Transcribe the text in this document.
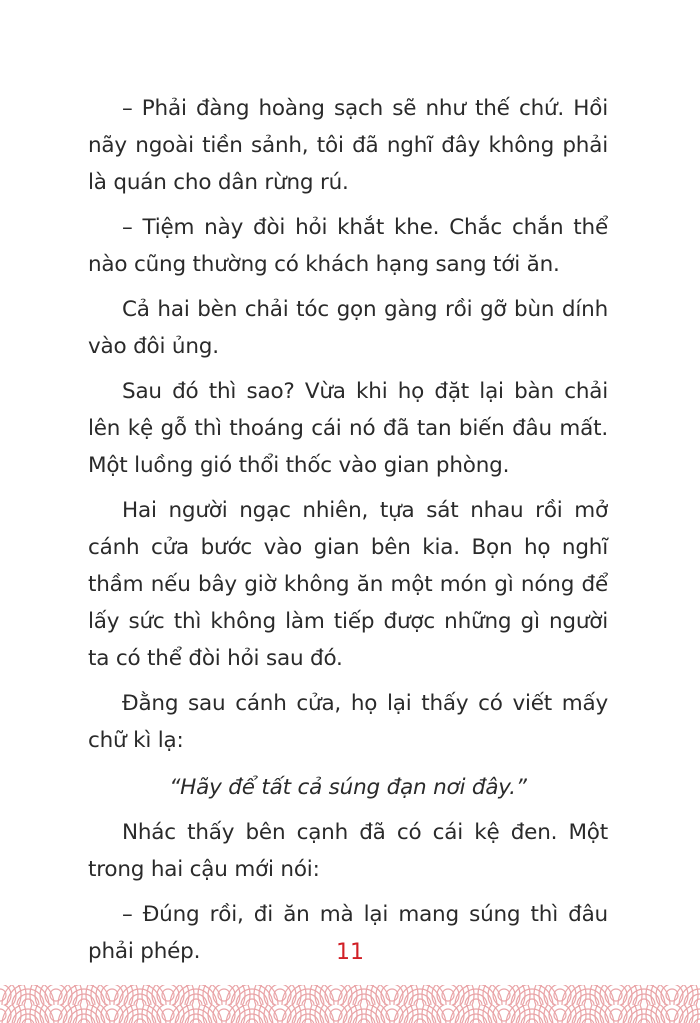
– Phải đàng hoàng sạch sẽ như thế chứ. Hồi nãy ngoài tiền sảnh, tôi đã nghĩ đây không phải là quán cho dân rừng rú.

– Tiệm này đòi hỏi khắt khe. Chắc chắn thể nào cũng thường có khách hạng sang tới ăn.

Cả hai bèn chải tóc gọn gàng rồi gỡ bùn dính vào đôi ủng.

Sau đó thì sao? Vừa khi họ đặt lại bàn chải lên kệ gỗ thì thoáng cái nó đã tan biến đâu mất. Một luồng gió thổi thốc vào gian phòng.

Hai người ngạc nhiên, tựa sát nhau rồi mở cánh cửa bước vào gian bên kia. Bọn họ nghĩ thầm nếu bây giờ không ăn một món gì nóng để lấy sức thì không làm tiếp được những gì người ta có thể đòi hỏi sau đó.

Đằng sau cánh cửa, họ lại thấy có viết mấy chữ kì lạ:

“Hãy để tất cả súng đạn nơi đây.”

Nhác thấy bên cạnh đã có cái kệ đen. Một trong hai cậu mới nói:

– Đúng rồi, đi ăn mà lại mang súng thì đâu phải phép.	11
